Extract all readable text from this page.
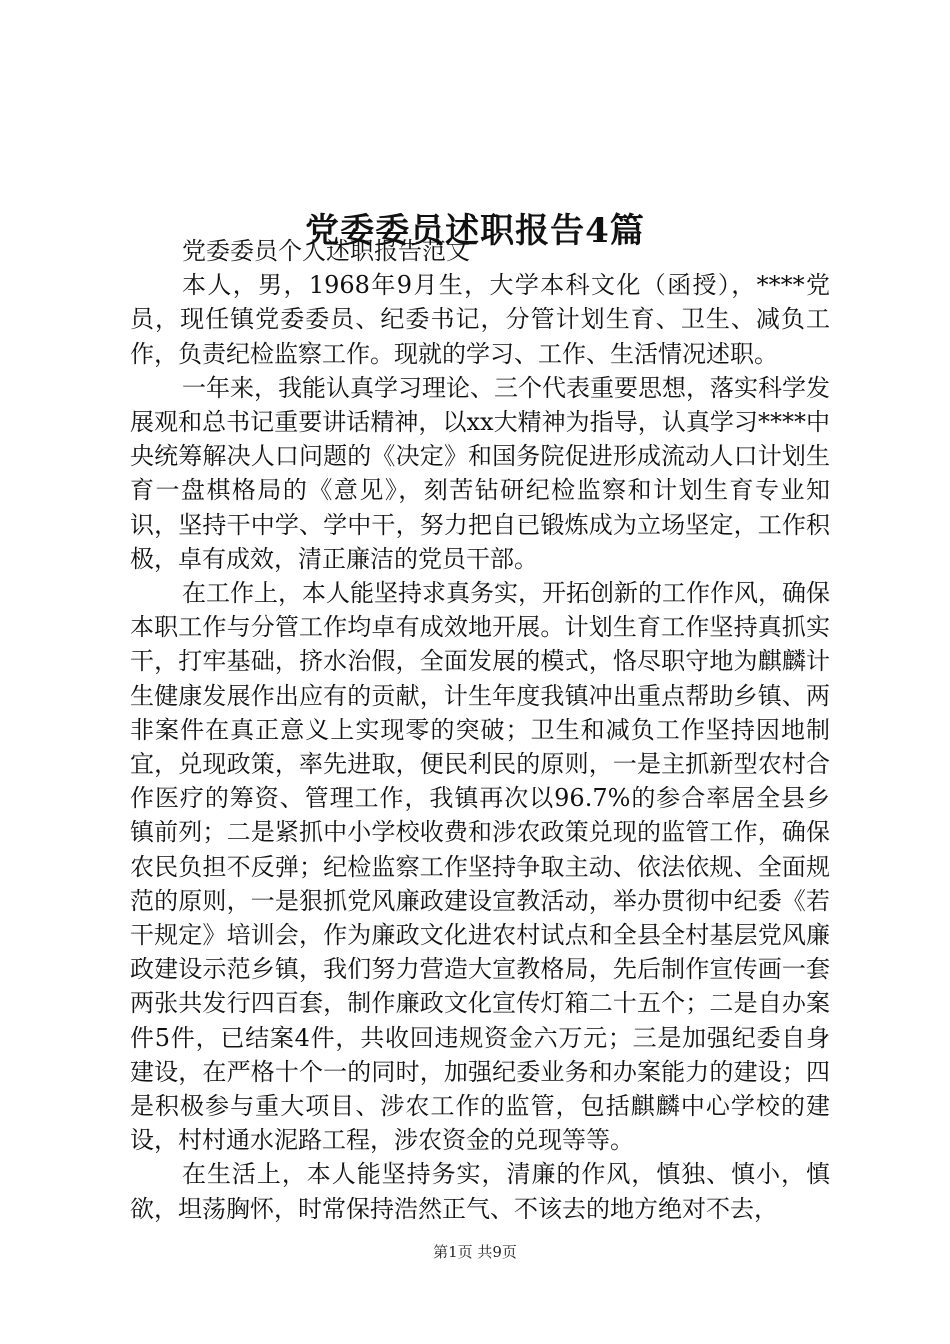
党委委员述职报告4篇

党委委员个人述职报告范文

本人，男，1968年9月生，大学本科文化（函授），****党员，现任镇党委委员、纪委书记，分管计划生育、卫生、减负工作，负责纪检监察工作。现就的学习、工作、生活情况述职。

一年来，我能认真学习理论、三个代表重要思想，落实科学发展观和总书记重要讲话精神，以xx大精神为指导，认真学习****中央统筹解决人口问题的《决定》和国务院促进形成流动人口计划生育一盘棋格局的《意见》，刻苦钻研纪检监察和计划生育专业知识，坚持干中学、学中干，努力把自已锻炼成为立场坚定，工作积极，卓有成效，清正廉洁的党员干部。

在工作上，本人能坚持求真务实，开拓创新的工作作风，确保本职工作与分管工作均卓有成效地开展。计划生育工作坚持真抓实干，打牢基础，挤水治假，全面发展的模式，恪尽职守地为麒麟计生健康发展作出应有的贡献，计生年度我镇冲出重点帮助乡镇、两非案件在真正意义上实现零的突破；卫生和减负工作坚持因地制宜，兑现政策，率先进取，便民利民的原则，一是主抓新型农村合作医疗的筹资、管理工作，我镇再次以96.7%的参合率居全县乡镇前列；二是紧抓中小学校收费和涉农政策兑现的监管工作，确保农民负担不反弹；纪检监察工作坚持争取主动、依法依规、全面规范的原则，一是狠抓党风廉政建设宣教活动，举办贯彻中纪委《若干规定》培训会，作为廉政文化进农村试点和全县全村基层党风廉政建设示范乡镇，我们努力营造大宣教格局，先后制作宣传画一套两张共发行四百套，制作廉政文化宣传灯箱二十五个；二是自办案件5件，已结案4件，共收回违规资金六万元；三是加强纪委自身建设，在严格十个一的同时，加强纪委业务和办案能力的建设；四是积极参与重大项目、涉农工作的监管，包括麒麟中心学校的建设，村村通水泥路工程，涉农资金的兑现等等。

在生活上，本人能坚持务实，清廉的作风，慎独、慎小，慎欲，坦荡胸怀，时常保持浩然正气、不该去的地方绝对不去，

第1页 共9页
